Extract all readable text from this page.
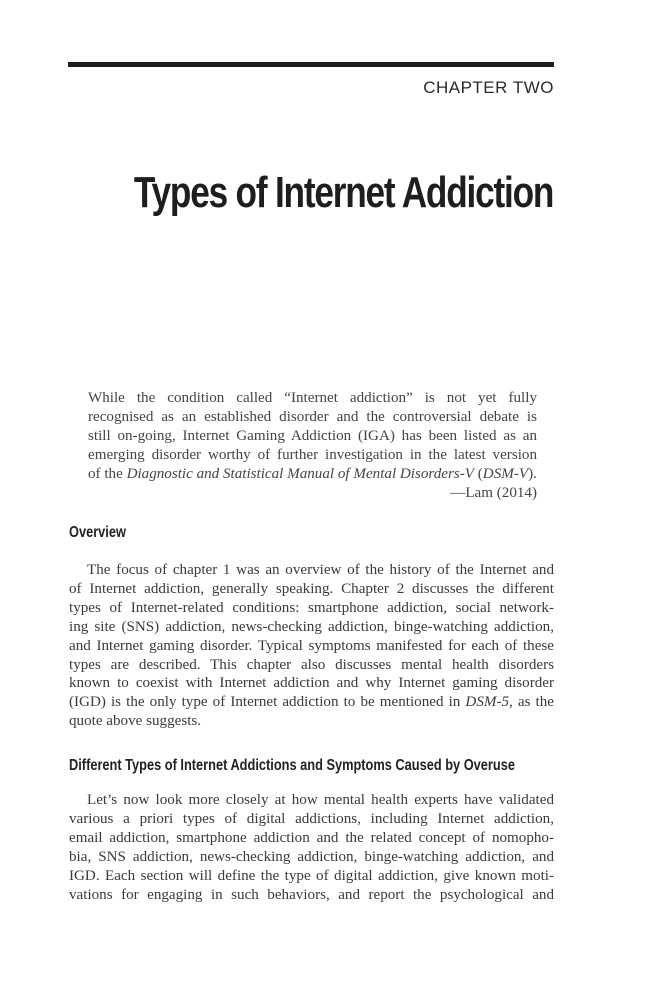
CHAPTER TWO
Types of Internet Addiction

While the condition called “Internet addiction” is not yet fully
recognised as an established disorder and the controversial debate is
still on-going, Internet Gaming Addiction (IGA) has been listed as an
emerging disorder worthy of further investigation in the latest version
of the Diagnostic and Statistical Manual of Mental Disorders-V (DSM-V).

—Lam (2014)
Overview

The focus of chapter 1 was an overview of the history of the Internet and
of Internet addiction, generally speaking. Chapter 2 discusses the different
types of Internet-related conditions: smartphone addiction, social network-
ing site (SNS) addiction, news-checking addiction, binge-watching addiction,
and Internet gaming disorder. Typical symptoms manifested for each of these
types are described. This chapter also discusses mental health disorders
known to coexist with Internet addiction and why Internet gaming disorder
(IGD) is the only type of Internet addiction to be mentioned in DSM-5, as the
quote above suggests.

Different Types of Internet Addictions and Symptoms Caused by Overuse

Let’s now look more closely at how mental health experts have validated
various a priori types of digital addictions, including Internet addiction,
email addiction, smartphone addiction and the related concept of nomopho-
bia, SNS addiction, news-checking addiction, binge-watching addiction, and
IGD. Each section will define the type of digital addiction, give known moti-
vations for engaging in such behaviors, and report the psychological and
